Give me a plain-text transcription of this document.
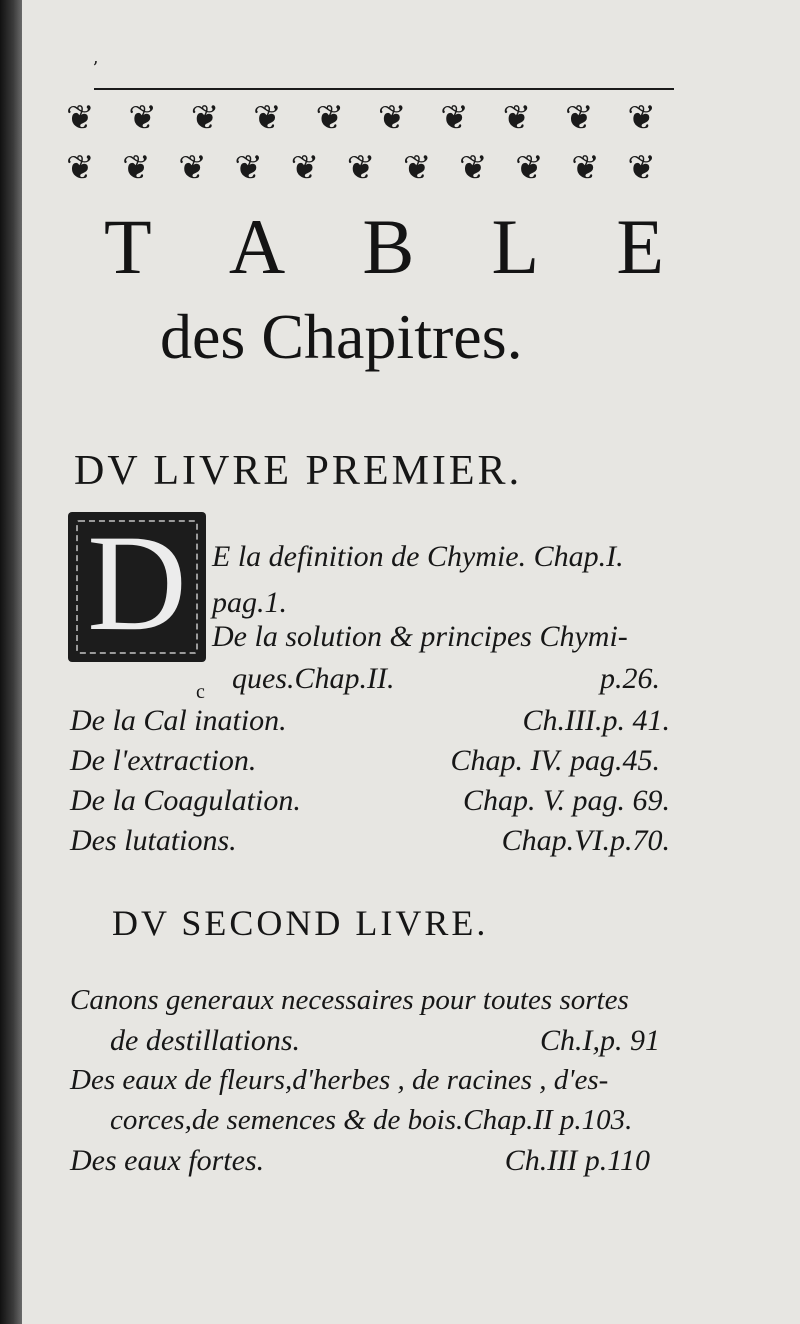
ʼ
❦ ❦ ❦ ❦ ❦ ❦ ❦ ❦ ❦ ❦
❦ ❦ ❦ ❦ ❦ ❦ ❦ ❦ ❦ ❦ ❦
T A B L E
des Chapitres.
DV LIVRE PREMIER.
D E la definition de Chymie. Chap.I.
pag.1.
De la solution & principes Chymi-
ques.Chap.II.	p.26.
c
De la Cal ination.	Ch.III.p. 41.
De l'extraction.	Chap. IV. pag.45.
De la Coagulation.	Chap. V. pag. 69.
Des lutations.	Chap.VI.p.70.
DV SECOND LIVRE.
Canons generaux necessaires pour toutes sortes
de destillations.	Ch.I,p. 91
Des eaux de fleurs,d'herbes , de racines , d'es-
corces,de semences & de bois.Chap.II p.103.
Des eaux fortes.	Ch.III p.110
